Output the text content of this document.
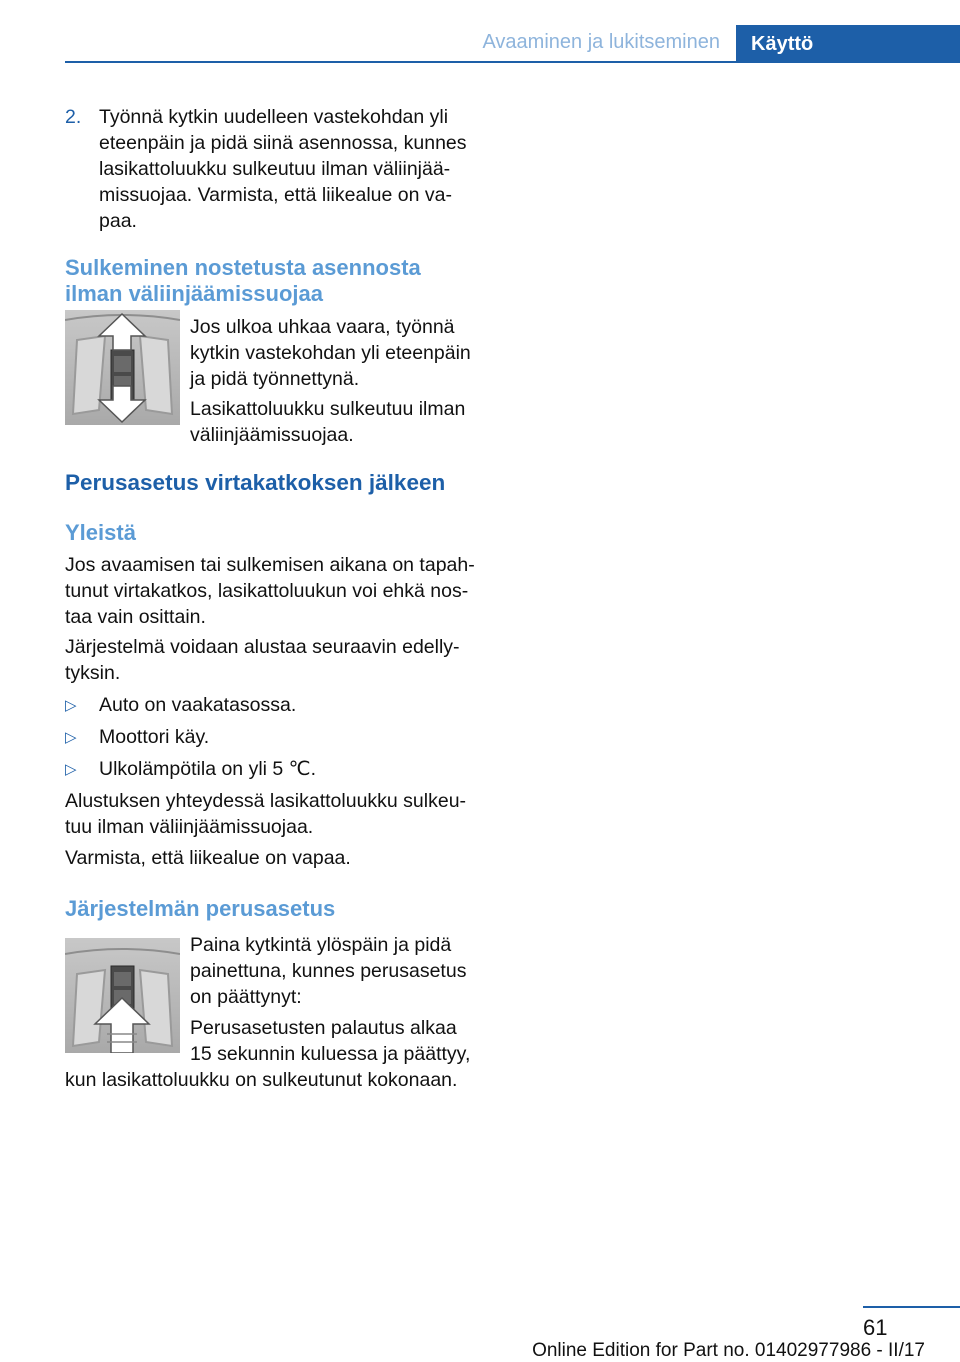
Avaaminen ja lukitseminen	Käyttö
2. Työnnä kytkin uudelleen vastekohdan yli

eteenpäin ja pidä siinä asennossa, kunnes

lasikattoluukku sulkeutuu ilman väliinjää-

missuojaa. Varmista, että liikealue on va-

paa.

Sulkeminen nostetusta asennosta
ilman väliinjäämissuojaa

Jos ulkoa uhkaa vaara, työnnä

kytkin vastekohdan yli eteenpäin

ja pidä työnnettynä.

Lasikattoluukku sulkeutuu ilman

väliinjäämissuojaa.

Perusasetus virtakatkoksen jälkeen
Yleistä

Jos avaamisen tai sulkemisen aikana on tapah-

tunut virtakatkos, lasikattoluukun voi ehkä nos-

taa vain osittain.

Järjestelmä voidaan alustaa seuraavin edelly-

tyksin.

▷ Auto on vaakatasossa.

▷ Moottori käy.

▷ Ulkolämpötila on yli 5 ℃.

Alustuksen yhteydessä lasikattoluukku sulkeu-

tuu ilman väliinjäämissuojaa.

Varmista, että liikealue on vapaa.

Järjestelmän perusasetus

Paina kytkintä ylöspäin ja pidä

painettuna, kunnes perusasetus

on päättynyt:

Perusasetusten palautus alkaa

15 sekunnin kuluessa ja päättyy,

kun lasikattoluukku on sulkeutunut kokonaan.

61
Online Edition for Part no. 01402977986 - II/17
